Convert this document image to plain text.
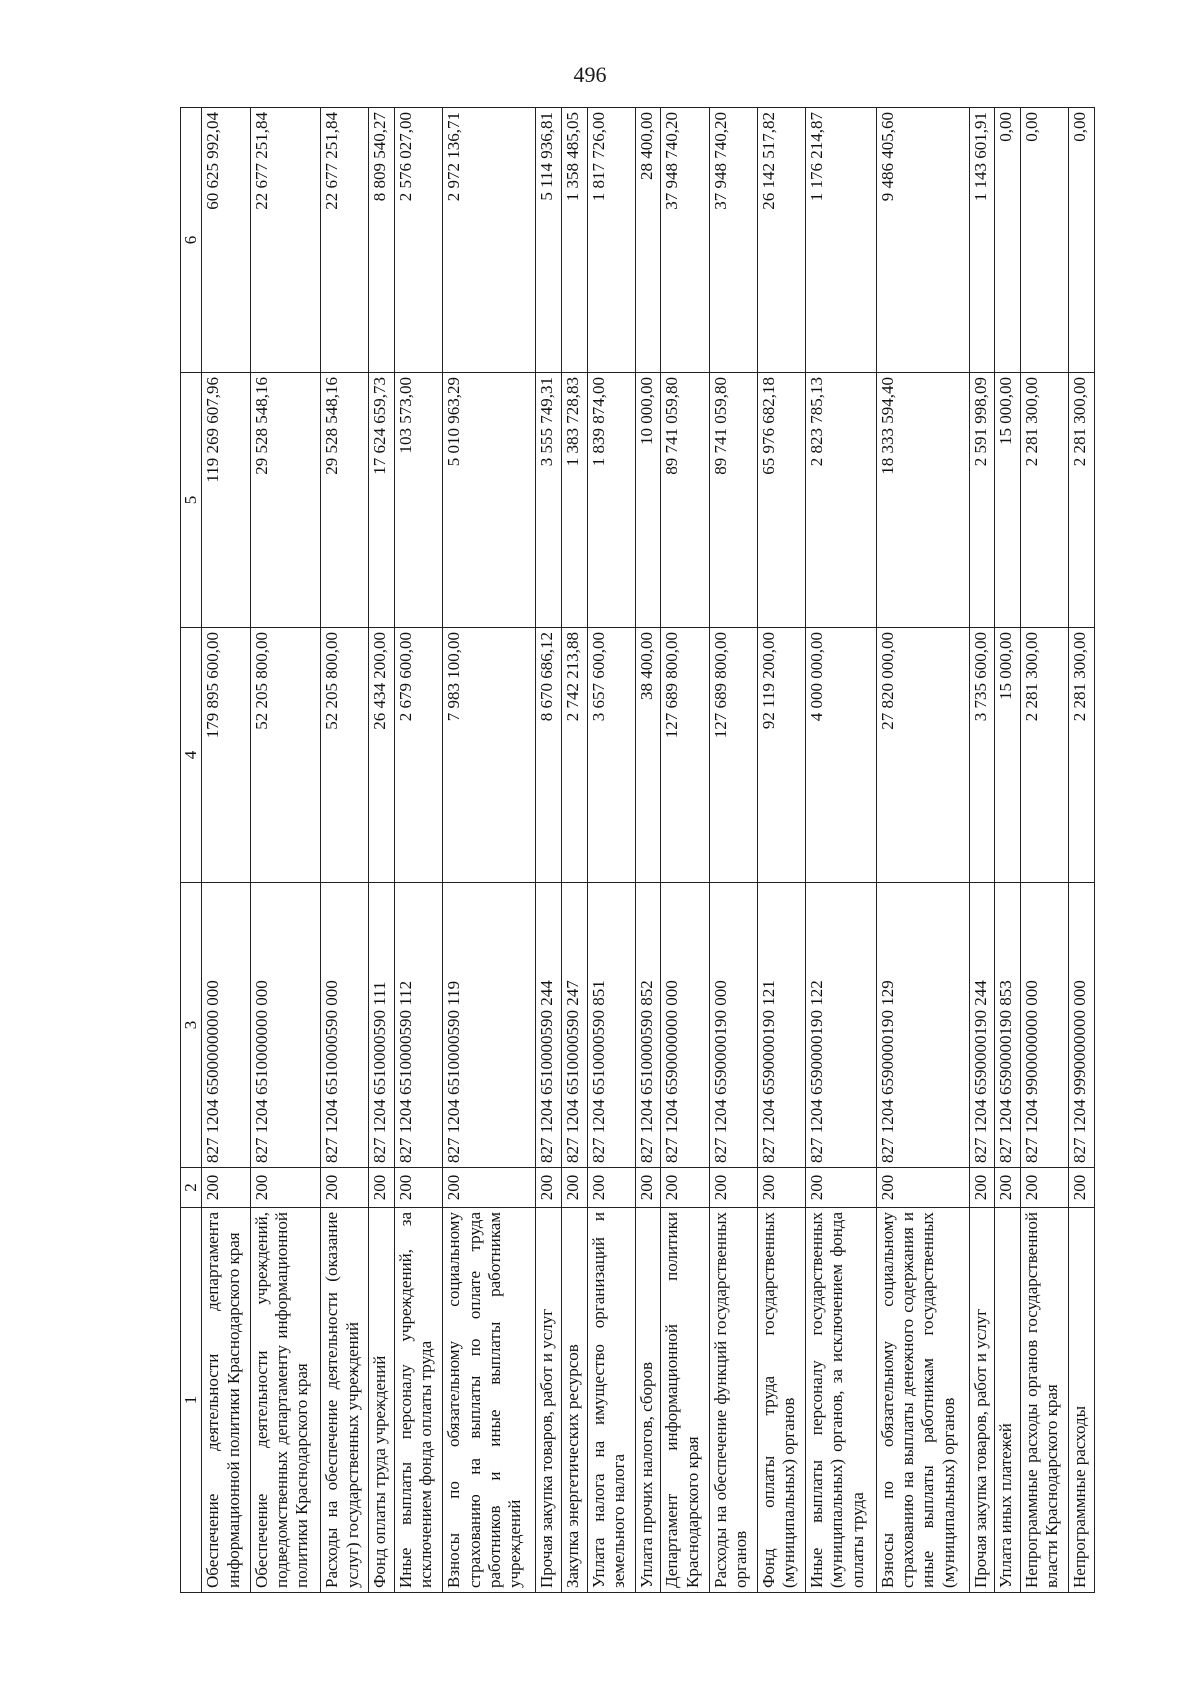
496
1	2	3	4	5	6
Обеспечение деятельности департамента информационной политики Краснодарского края	200	827 1204 6500000000 000	179 895 600,00	119 269 607,96	60 625 992,04
Обеспечение деятельности учреждений, подведомственных департаменту информационной политики Краснодарского края	200	827 1204 6510000000 000	52 205 800,00	29 528 548,16	22 677 251,84
Расходы на обеспечение деятельности (оказание услуг) государственных учреждений	200	827 1204 6510000590 000	52 205 800,00	29 528 548,16	22 677 251,84
Фонд оплаты труда учреждений	200	827 1204 6510000590 111	26 434 200,00	17 624 659,73	8 809 540,27
Иные выплаты персоналу учреждений, за исключением фонда оплаты труда	200	827 1204 6510000590 112	2 679 600,00	103 573,00	2 576 027,00
Взносы по обязательному социальному страхованию на выплаты по оплате труда работников и иные выплаты работникам учреждений	200	827 1204 6510000590 119	7 983 100,00	5 010 963,29	2 972 136,71
Прочая закупка товаров, работ и услуг	200	827 1204 6510000590 244	8 670 686,12	3 555 749,31	5 114 936,81
Закупка энергетических ресурсов	200	827 1204 6510000590 247	2 742 213,88	1 383 728,83	1 358 485,05
Уплата налога на имущество организаций и земельного налога	200	827 1204 6510000590 851	3 657 600,00	1 839 874,00	1 817 726,00
Уплата прочих налогов, сборов	200	827 1204 6510000590 852	38 400,00	10 000,00	28 400,00
Департамент информационной политики Краснодарского края	200	827 1204 6590000000 000	127 689 800,00	89 741 059,80	37 948 740,20
Расходы на обеспечение функций государственных органов	200	827 1204 6590000190 000	127 689 800,00	89 741 059,80	37 948 740,20
Фонд оплаты труда государственных (муниципальных) органов	200	827 1204 6590000190 121	92 119 200,00	65 976 682,18	26 142 517,82
Иные выплаты персоналу государственных (муниципальных) органов, за исключением фонда оплаты труда	200	827 1204 6590000190 122	4 000 000,00	2 823 785,13	1 176 214,87
Взносы по обязательному социальному страхованию на выплаты денежного содержания и иные выплаты работникам государственных (муниципальных) органов	200	827 1204 6590000190 129	27 820 000,00	18 333 594,40	9 486 405,60
Прочая закупка товаров, работ и услуг	200	827 1204 6590000190 244	3 735 600,00	2 591 998,09	1 143 601,91
Уплата иных платежей	200	827 1204 6590000190 853	15 000,00	15 000,00	0,00
Непрограммные расходы органов государственной власти Краснодарского края	200	827 1204 9900000000 000	2 281 300,00	2 281 300,00	0,00
Непрограммные расходы	200	827 1204 9990000000 000	2 281 300,00	2 281 300,00	0,00
